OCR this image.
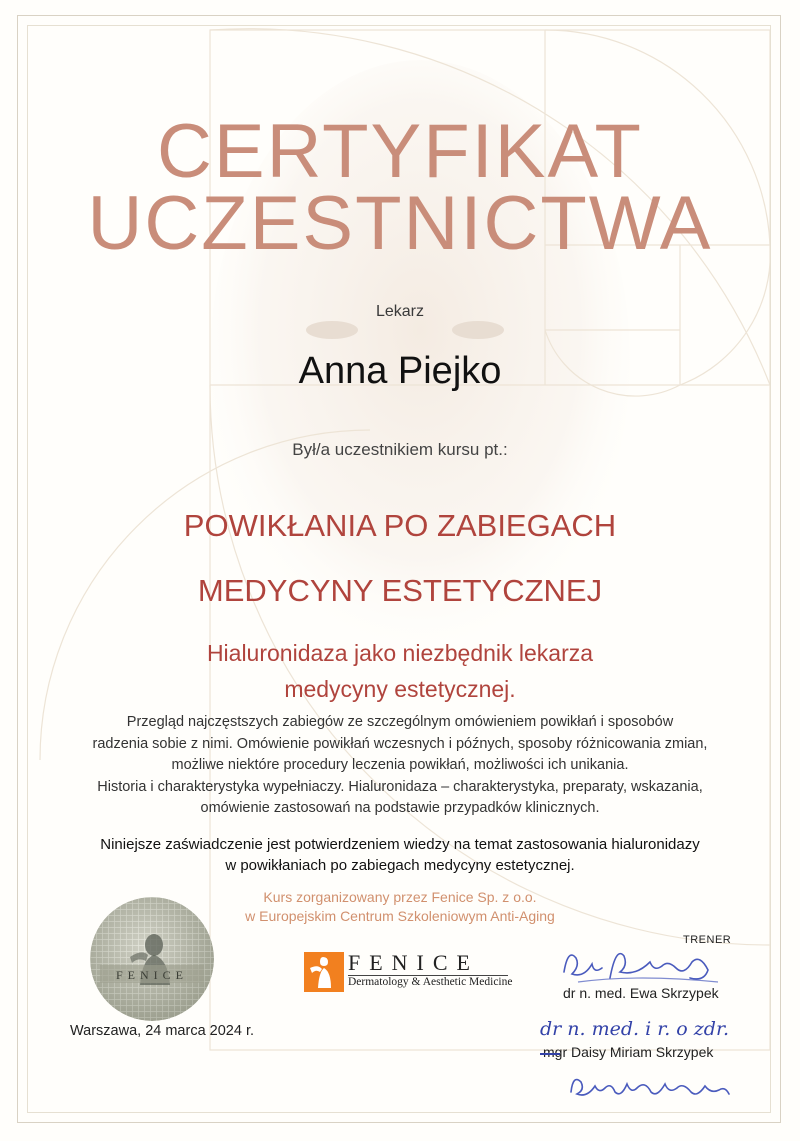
CERTYFIKAT
UCZESTNICTWA
Lekarz
Anna Piejko
Był/a uczestnikiem kursu pt.:
POWIKŁANIA PO ZABIEGACH
MEDYCYNY ESTETYCZNEJ
Hialuronidaza jako niezbędnik lekarza
medycyny estetycznej.
Przegląd najczęstszych zabiegów ze szczególnym omówieniem powikłań i sposobów
radzenia sobie z nimi. Omówienie powikłań wczesnych i późnych, sposoby różnicowania zmian,
możliwe niektóre procedury leczenia powikłań, możliwości ich unikania.
Historia i charakterystyka wypełniaczy. Hialuronidaza – charakterystyka, preparaty, wskazania,
omówienie zastosowań na podstawie przypadków klinicznych.
Niniejsze zaświadczenie jest potwierdzeniem wiedzy na temat zastosowania hialuronidazy
w powikłaniach po zabiegach medycyny estetycznej.
Kurs zorganizowany przez Fenice Sp. z o.o.
w Europejskim Centrum Szkoleniowym Anti-Aging
FENICE	FENICE
Dermatology & Aesthetic Medicine
Warszawa, 24 marca 2024 r.
TRENER
dr n. med. Ewa Skrzypek
dr n. med. i r. o zdr.
mgr Daisy Miriam Skrzypek
